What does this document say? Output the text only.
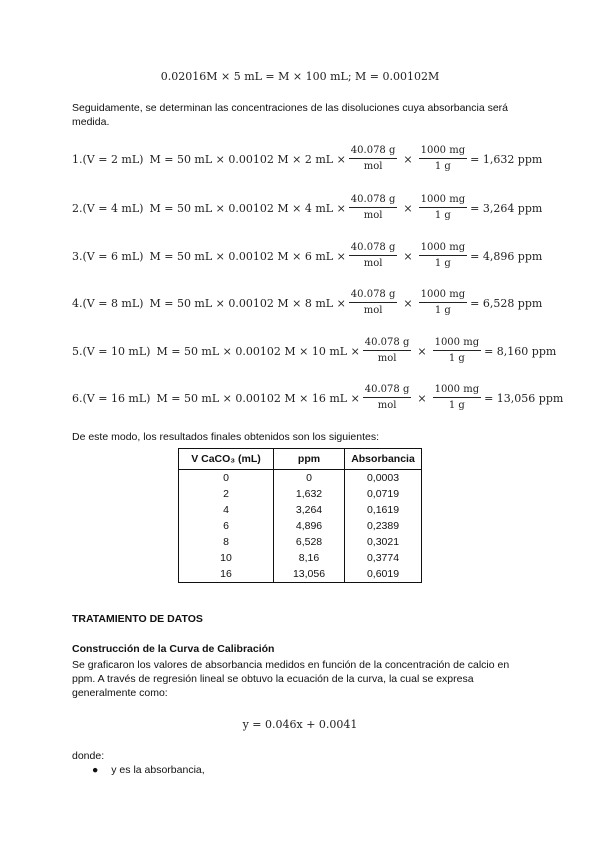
0.02016M × 5 mL = M × 100 mL; M = 0.00102M
Seguidamente, se determinan las concentraciones de las disoluciones cuya absorbancia será medida.
1.(V = 2 mL) M = 50 mL × 0.00102 M × 2 mL × $\frac{40.078 g}{\text{mol}} \times \frac{1000 mg}{1 g} = 1,632$ ppm
2.(V = 4 mL) M = 50 mL × 0.00102 M × 4 mL × $\frac{40.078 g}{\text{mol}} \times \frac{1000 mg}{1 g} = 3,264$ ppm
3.(V = 6 mL) M = 50 mL × 0.00102 M × 6 mL × $\frac{40.078 g}{\text{mol}} \times \frac{1000 mg}{1 g} = 4,896$ ppm
4.(V = 8 mL) M = 50 mL × 0.00102 M × 8 mL × $\frac{40.078 g}{\text{mol}} \times \frac{1000 mg}{1 g} = 6,528$ ppm
5.(V = 10 mL) M = 50 mL × 0.00102 M × 10 mL × $\frac{40.078 g}{\text{mol}} \times \frac{1000 mg}{1 g} = 8,160$ ppm
6.(V = 16 mL) M = 50 mL × 0.00102 M × 16 mL × $\frac{40.078 g}{\text{mol}} \times \frac{1000 mg}{1 g} = 13,056$ ppm
De este modo, los resultados finales obtenidos son los siguientes:
V CaCO₃ (mL)	ppm	Absorbancia
0	0	0,0003
2	1,632	0,0719
4	3,264	0,1619
6	4,896	0,2389
8	6,528	0,3021
10	8,16	0,3774
16	13,056	0,6019
TRATAMIENTO DE DATOS
Construcción de la Curva de Calibración
Se graficaron los valores de absorbancia medidos en función de la concentración de calcio en ppm. A través de regresión lineal se obtuvo la ecuación de la curva, la cual se expresa generalmente como:
y = 0.046x + 0.0041
donde:
● y es la absorbancia,
